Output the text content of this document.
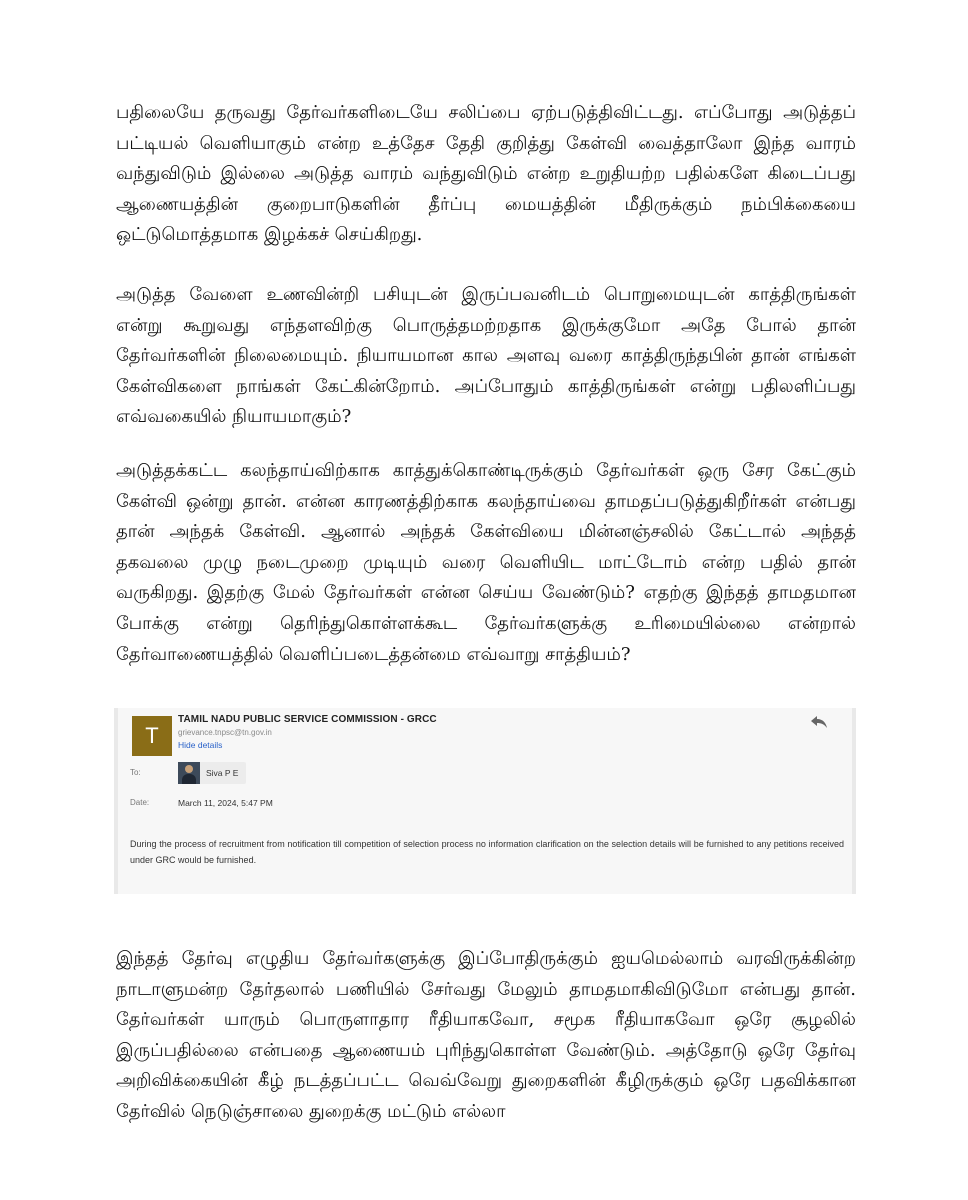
பதிலையே தருவது தேர்வர்களிடையே சலிப்பை ஏற்படுத்திவிட்டது. எப்போது அடுத்தப் பட்டியல் வெளியாகும் என்ற உத்தேச தேதி குறித்து கேள்வி வைத்தாலோ இந்த வாரம் வந்துவிடும் இல்லை அடுத்த வாரம் வந்துவிடும் என்ற உறுதியற்ற பதில்களே கிடைப்பது ஆணையத்தின் குறைபாடுகளின் தீர்ப்பு மையத்தின் மீதிருக்கும் நம்பிக்கையை ஒட்டுமொத்தமாக இழக்கச் செய்கிறது.

அடுத்த வேளை உணவின்றி பசியுடன் இருப்பவனிடம் பொறுமையுடன் காத்திருங்கள் என்று கூறுவது எந்தளவிற்கு பொருத்தமற்றதாக இருக்குமோ அதே போல் தான் தேர்வர்களின் நிலைமையும். நியாயமான கால அளவு வரை காத்திருந்தபின் தான் எங்கள் கேள்விகளை நாங்கள் கேட்கின்றோம். அப்போதும் காத்திருங்கள் என்று பதிலளிப்பது எவ்வகையில் நியாயமாகும்?

அடுத்தக்கட்ட கலந்தாய்விற்காக காத்துக்கொண்டிருக்கும் தேர்வர்கள் ஒரு சேர கேட்கும் கேள்வி ஒன்று தான். என்ன காரணத்திற்காக கலந்தாய்வை தாமதப்படுத்துகிறீர்கள் என்பது தான் அந்தக் கேள்வி. ஆனால் அந்தக் கேள்வியை மின்னஞ்சலில் கேட்டால் அந்தத் தகவலை முழு நடைமுறை முடியும் வரை வெளியிட மாட்டோம் என்ற பதில் தான் வருகிறது. இதற்கு மேல் தேர்வர்கள் என்ன செய்ய வேண்டும்? எதற்கு இந்தத் தாமதமான போக்கு என்று தெரிந்துகொள்ளக்கூட தேர்வர்களுக்கு உரிமையில்லை என்றால் தேர்வாணையத்தில் வெளிப்படைத்தன்மை எவ்வாறு சாத்தியம்?

T
TAMIL NADU PUBLIC SERVICE COMMISSION - GRCC
grievance.tnpsc@tn.gov.in
Hide details
To:	Siva P E
Date:	March 11, 2024, 5:47 PM
During the process of recruitment from notification till competition of selection process no information clarification on the selection details will be furnished to any petitions received under GRC would be furnished.

இந்தத் தேர்வு எழுதிய தேர்வர்களுக்கு இப்போதிருக்கும் ஐயமெல்லாம் வரவிருக்கின்ற நாடாளுமன்ற தேர்தலால் பணியில் சேர்வது மேலும் தாமதமாகிவிடுமோ என்பது தான். தேர்வர்கள் யாரும் பொருளாதார ரீதியாகவோ, சமூக ரீதியாகவோ ஒரே சூழலில் இருப்பதில்லை என்பதை ஆணையம் புரிந்துகொள்ள வேண்டும். அத்தோடு ஒரே தேர்வு அறிவிக்கையின் கீழ் நடத்தப்பட்ட வெவ்வேறு துறைகளின் கீழிருக்கும் ஒரே பதவிக்கான தேர்வில் நெடுஞ்சாலை துறைக்கு மட்டும் எல்லா
